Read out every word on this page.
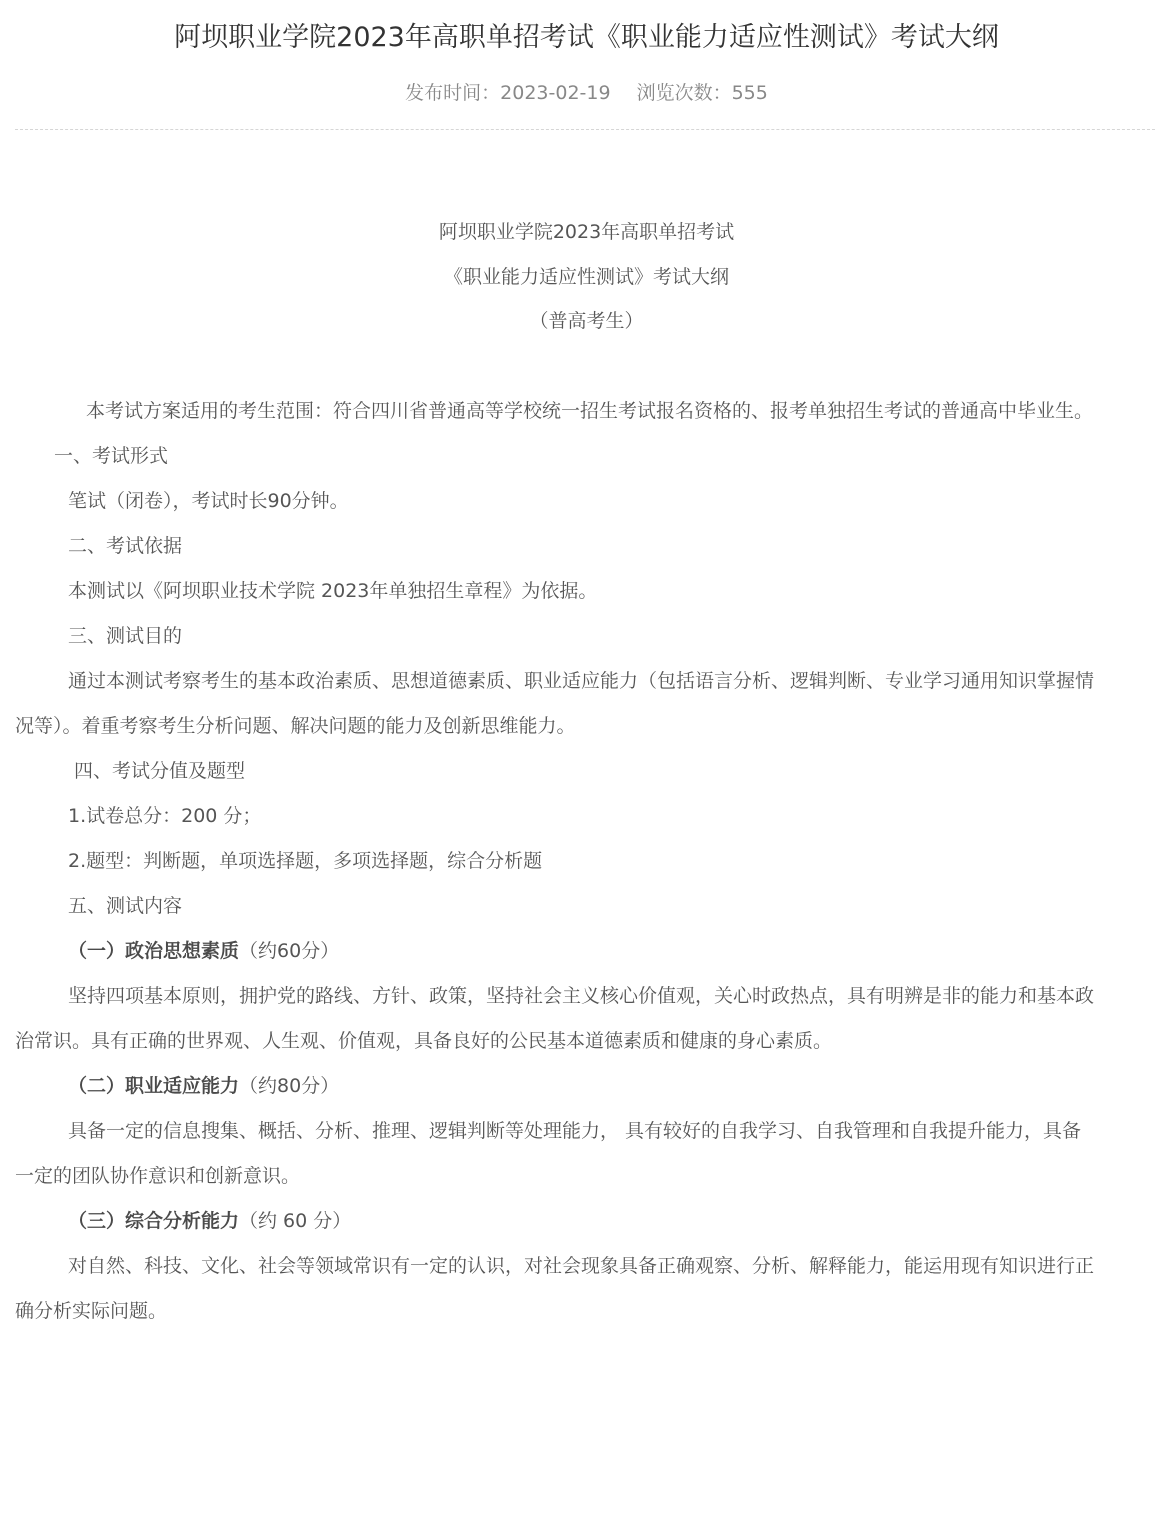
阿坝职业学院2023年高职单招考试《职业能力适应性测试》考试大纲
发布时间：2023-02-19 浏览次数：555
阿坝职业学院2023年高职单招考试
《职业能力适应性测试》考试大纲
（普高考生）
本考试方案适用的考生范围：符合四川省普通高等学校统一招生考试报名资格的、报考单独招生考试的普通高中毕业生。
一、考试形式
笔试（闭卷），考试时长90分钟。
二、考试依据
本测试以《阿坝职业技术学院 2023年单独招生章程》为依据。
三、测试目的
通过本测试考察考生的基本政治素质、思想道德素质、职业适应能力（包括语言分析、逻辑判断、专业学习通用知识掌握情
况等）。着重考察考生分析问题、解决问题的能力及创新思维能力。
四、考试分值及题型
1.试卷总分：200 分；
2.题型：判断题，单项选择题，多项选择题，综合分析题
五、测试内容
（一）政治思想素质（约60分）
坚持四项基本原则，拥护党的路线、方针、政策，坚持社会主义核心价值观，关心时政热点，具有明辨是非的能力和基本政
治常识。具有正确的世界观、人生观、价值观，具备良好的公民基本道德素质和健康的身心素质。
（二）职业适应能力（约80分）
具备一定的信息搜集、概括、分析、推理、逻辑判断等处理能力， 具有较好的自我学习、自我管理和自我提升能力，具备
一定的团队协作意识和创新意识。
（三）综合分析能力（约 60 分）
对自然、科技、文化、社会等领域常识有一定的认识，对社会现象具备正确观察、分析、解释能力，能运用现有知识进行正
确分析实际问题。
